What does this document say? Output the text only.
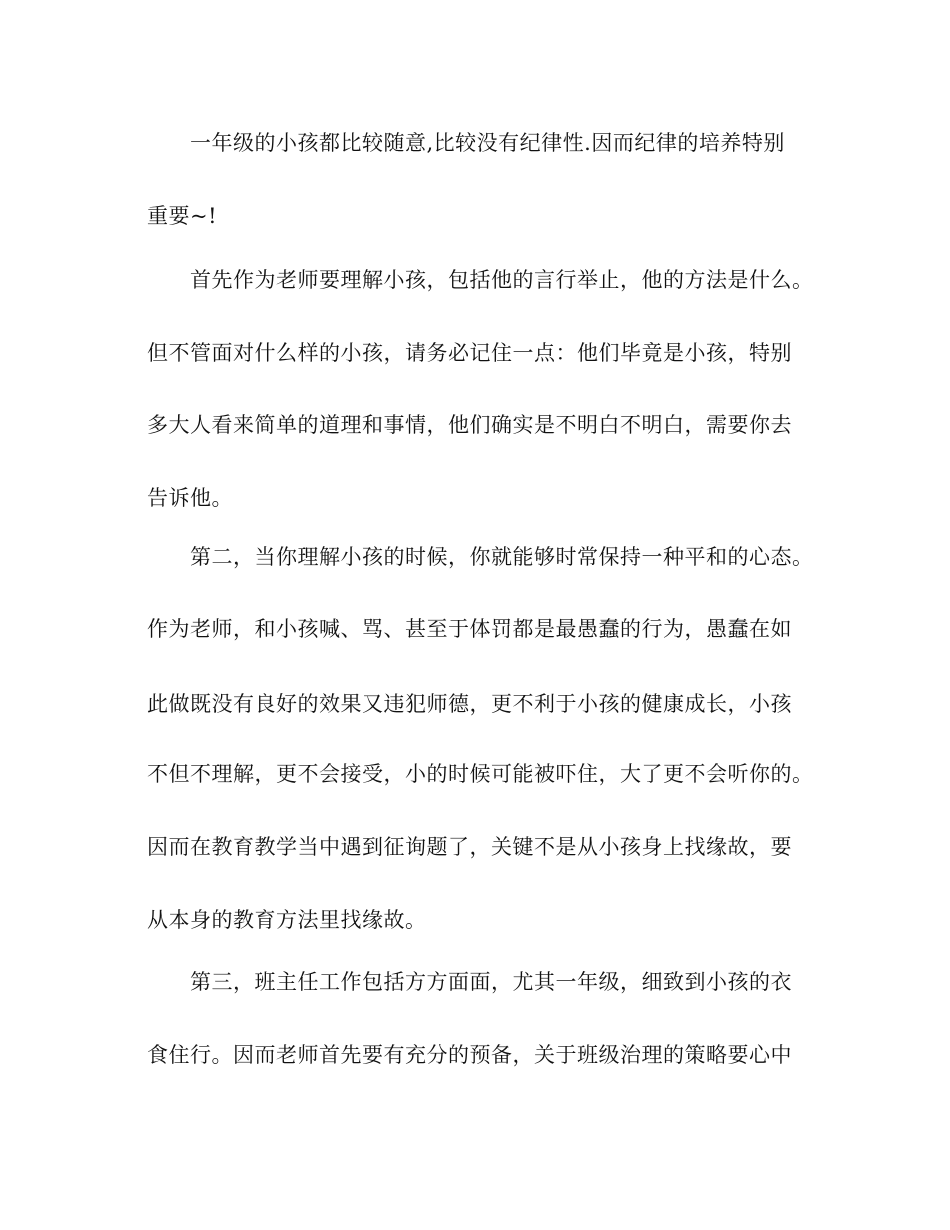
一年级的小孩都比较随意,比较没有纪律性.因而纪律的培养特别
重要~!
首先作为老师要理解小孩，包括他的言行举止，他的方法是什么。
但不管面对什么样的小孩，请务必记住一点：他们毕竟是小孩，特别
多大人看来简单的道理和事情，他们确实是不明白不明白，需要你去
告诉他。
第二，当你理解小孩的时候，你就能够时常保持一种平和的心态。
作为老师，和小孩喊、骂、甚至于体罚都是最愚蠢的行为，愚蠢在如
此做既没有良好的效果又违犯师德，更不利于小孩的健康成长，小孩
不但不理解，更不会接受，小的时候可能被吓住，大了更不会听你的。
因而在教育教学当中遇到征询题了，关键不是从小孩身上找缘故，要
从本身的教育方法里找缘故。
第三，班主任工作包括方方面面，尤其一年级，细致到小孩的衣
食住行。因而老师首先要有充分的预备，关于班级治理的策略要心中
